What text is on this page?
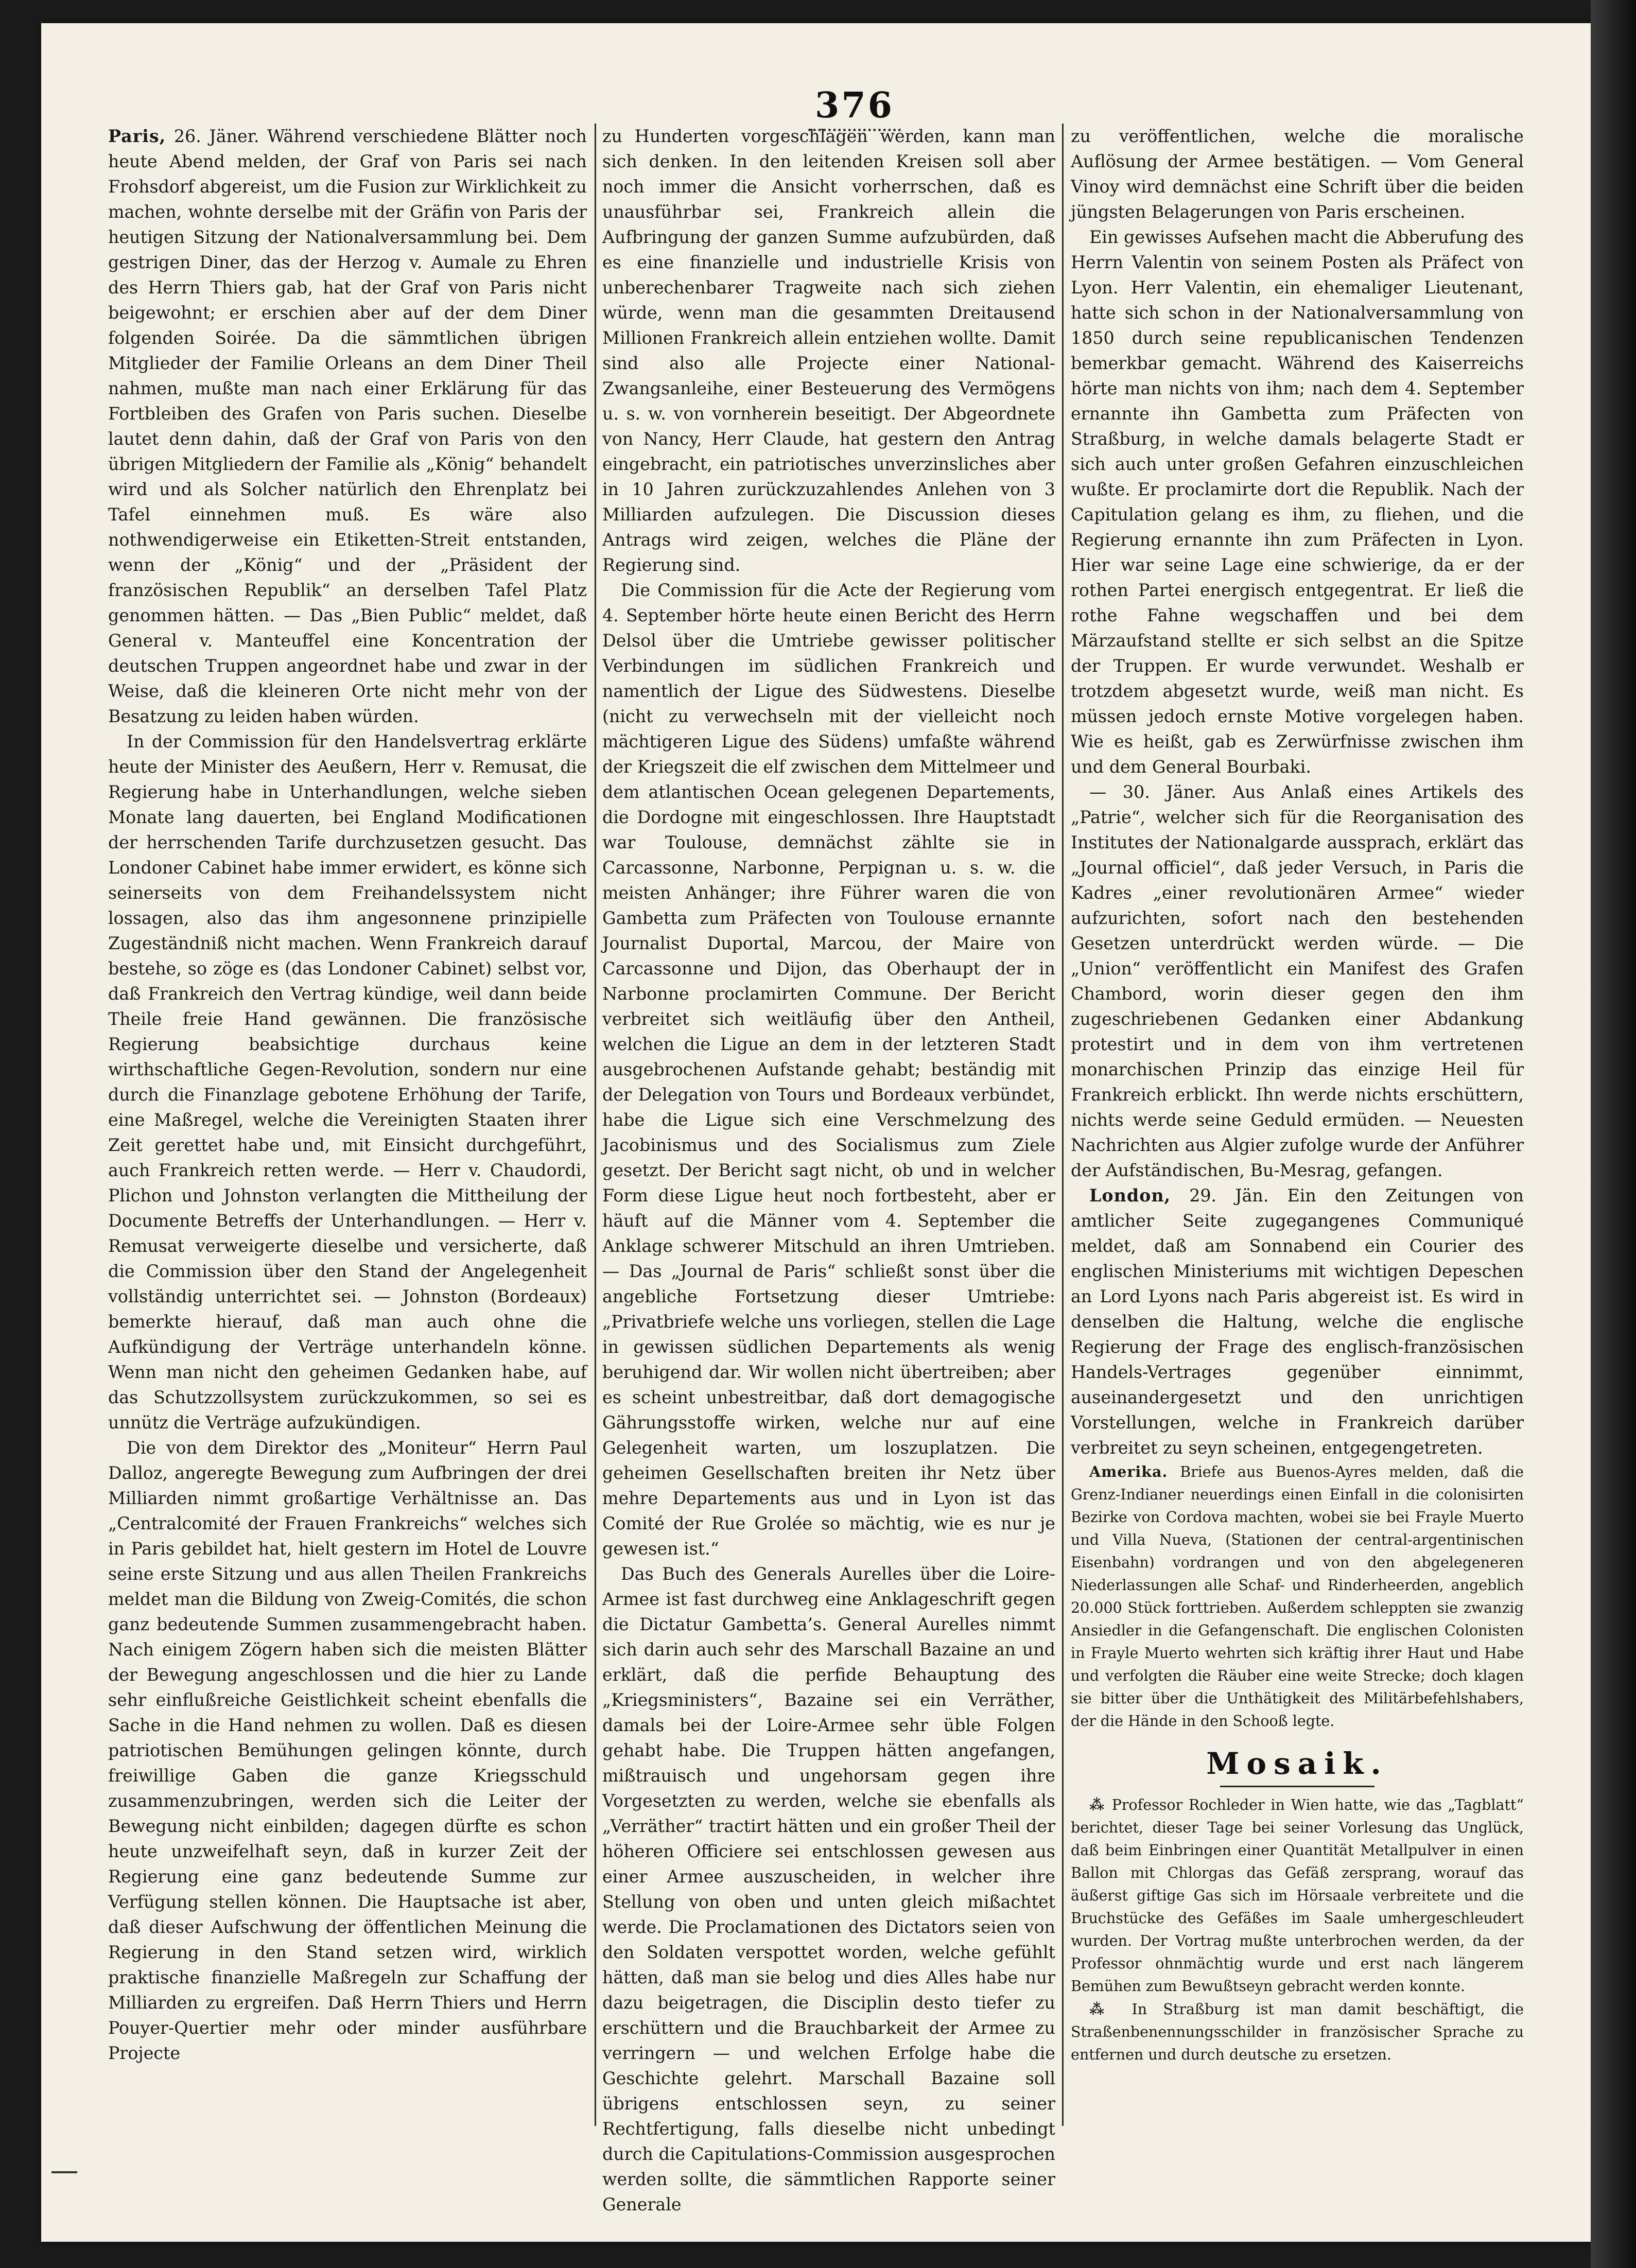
376

Paris, 26. Jäner. Während verschiedene Blätter noch heute Abend melden, der Graf von Paris sei nach Frohsdorf abgereist, um die Fusion zur Wirklichkeit zu machen, wohnte derselbe mit der Gräfin von Paris der heutigen Sitzung der Nationalversammlung bei. Dem gestrigen Diner, das der Herzog v. Aumale zu Ehren des Herrn Thiers gab, hat der Graf von Paris nicht beigewohnt; er erschien aber auf der dem Diner folgenden Soirée. Da die sämmtlichen übrigen Mitglieder der Familie Orleans an dem Diner Theil nahmen, mußte man nach einer Erklärung für das Fortbleiben des Grafen von Paris suchen. Dieselbe lautet denn dahin, daß der Graf von Paris von den übrigen Mitgliedern der Familie als „König“ behandelt wird und als Solcher natürlich den Ehrenplatz bei Tafel einnehmen muß. Es wäre also nothwendigerweise ein Etiketten-Streit entstanden, wenn der „König“ und der „Präsident der französischen Republik“ an derselben Tafel Platz genommen hätten. — Das „Bien Public“ meldet, daß General v. Manteuffel eine Koncentration der deutschen Truppen angeordnet habe und zwar in der Weise, daß die kleineren Orte nicht mehr von der Besatzung zu leiden haben würden.

In der Commission für den Handelsvertrag erklärte heute der Minister des Aeußern, Herr v. Remusat, die Regierung habe in Unterhandlungen, welche sieben Monate lang dauerten, bei England Modificationen der herrschenden Tarife durchzusetzen gesucht. Das Londoner Cabinet habe immer erwidert, es könne sich seinerseits von dem Freihandelssystem nicht lossagen, also das ihm angesonnene prinzipielle Zugeständniß nicht machen. Wenn Frankreich darauf bestehe, so zöge es (das Londoner Cabinet) selbst vor, daß Frankreich den Vertrag kündige, weil dann beide Theile freie Hand gewännen. Die französische Regierung beabsichtige durchaus keine wirthschaftliche Gegen-Revolution, sondern nur eine durch die Finanzlage gebotene Erhöhung der Tarife, eine Maßregel, welche die Vereinigten Staaten ihrer Zeit gerettet habe und, mit Einsicht durchgeführt, auch Frankreich retten werde. — Herr v. Chaudordi, Plichon und Johnston verlangten die Mittheilung der Documente Betreffs der Unterhandlungen. — Herr v. Remusat verweigerte dieselbe und versicherte, daß die Commission über den Stand der Angelegenheit vollständig unterrichtet sei. — Johnston (Bordeaux) bemerkte hierauf, daß man auch ohne die Aufkündigung der Verträge unterhandeln könne. Wenn man nicht den geheimen Gedanken habe, auf das Schutzzollsystem zurückzukommen, so sei es unnütz die Verträge aufzukündigen.

Die von dem Direktor des „Moniteur“ Herrn Paul Dalloz, angeregte Bewegung zum Aufbringen der drei Milliarden nimmt großartige Verhältnisse an. Das „Centralcomité der Frauen Frankreichs“ welches sich in Paris gebildet hat, hielt gestern im Hotel de Louvre seine erste Sitzung und aus allen Theilen Frankreichs meldet man die Bildung von Zweig-Comités, die schon ganz bedeutende Summen zusammengebracht haben. Nach einigem Zögern haben sich die meisten Blätter der Bewegung angeschlossen und die hier zu Lande sehr einflußreiche Geistlichkeit scheint ebenfalls die Sache in die Hand nehmen zu wollen. Daß es diesen patriotischen Bemühungen gelingen könnte, durch freiwillige Gaben die ganze Kriegsschuld zusammenzubringen, werden sich die Leiter der Bewegung nicht einbilden; dagegen dürfte es schon heute unzweifelhaft seyn, daß in kurzer Zeit der Regierung eine ganz bedeutende Summe zur Verfügung stellen können. Die Hauptsache ist aber, daß dieser Aufschwung der öffentlichen Meinung die Regierung in den Stand setzen wird, wirklich praktische finanzielle Maßregeln zur Schaffung der Milliarden zu ergreifen. Daß Herrn Thiers und Herrn Pouyer-Quertier mehr oder minder ausführbare Projecte

zu Hunderten vorgeschlagen werden, kann man sich denken. In den leitenden Kreisen soll aber noch immer die Ansicht vorherrschen, daß es unausführbar sei, Frankreich allein die Aufbringung der ganzen Summe aufzubürden, daß es eine finanzielle und industrielle Krisis von unberechenbarer Tragweite nach sich ziehen würde, wenn man die gesammten Dreitausend Millionen Frankreich allein entziehen wollte. Damit sind also alle Projecte einer National-Zwangsanleihe, einer Besteuerung des Vermögens u. s. w. von vornherein beseitigt. Der Abgeordnete von Nancy, Herr Claude, hat gestern den Antrag eingebracht, ein patriotisches unverzinsliches aber in 10 Jahren zurückzuzahlendes Anlehen von 3 Milliarden aufzulegen. Die Discussion dieses Antrags wird zeigen, welches die Pläne der Regierung sind.

Die Commission für die Acte der Regierung vom 4. September hörte heute einen Bericht des Herrn Delsol über die Umtriebe gewisser politischer Verbindungen im südlichen Frankreich und namentlich der Ligue des Südwestens. Dieselbe (nicht zu verwechseln mit der vielleicht noch mächtigeren Ligue des Südens) umfaßte während der Kriegszeit die elf zwischen dem Mittelmeer und dem atlantischen Ocean gelegenen Departements, die Dordogne mit eingeschlossen. Ihre Hauptstadt war Toulouse, demnächst zählte sie in Carcassonne, Narbonne, Perpignan u. s. w. die meisten Anhänger; ihre Führer waren die von Gambetta zum Präfecten von Toulouse ernannte Journalist Duportal, Marcou, der Maire von Carcassonne und Dijon, das Oberhaupt der in Narbonne proclamirten Commune. Der Bericht verbreitet sich weitläufig über den Antheil, welchen die Ligue an dem in der letzteren Stadt ausgebrochenen Aufstande gehabt; beständig mit der Delegation von Tours und Bordeaux verbündet, habe die Ligue sich eine Verschmelzung des Jacobinismus und des Socialismus zum Ziele gesetzt. Der Bericht sagt nicht, ob und in welcher Form diese Ligue heut noch fortbesteht, aber er häuft auf die Männer vom 4. September die Anklage schwerer Mitschuld an ihren Umtrieben. — Das „Journal de Paris“ schließt sonst über die angebliche Fortsetzung dieser Umtriebe: „Privatbriefe welche uns vorliegen, stellen die Lage in gewissen südlichen Departements als wenig beruhigend dar. Wir wollen nicht übertreiben; aber es scheint unbestreitbar, daß dort demagogische Gährungsstoffe wirken, welche nur auf eine Gelegenheit warten, um loszuplatzen. Die geheimen Gesellschaften breiten ihr Netz über mehre Departements aus und in Lyon ist das Comité der Rue Grolée so mächtig, wie es nur je gewesen ist.“

Das Buch des Generals Aurelles über die Loire-Armee ist fast durchweg eine Anklageschrift gegen die Dictatur Gambetta’s. General Aurelles nimmt sich darin auch sehr des Marschall Bazaine an und erklärt, daß die perfide Behauptung des „Kriegsministers“, Bazaine sei ein Verräther, damals bei der Loire-Armee sehr üble Folgen gehabt habe. Die Truppen hätten angefangen, mißtrauisch und ungehorsam gegen ihre Vorgesetzten zu werden, welche sie ebenfalls als „Verräther“ tractirt hätten und ein großer Theil der höheren Officiere sei entschlossen gewesen aus einer Armee auszuscheiden, in welcher ihre Stellung von oben und unten gleich mißachtet werde. Die Proclamationen des Dictators seien von den Soldaten verspottet worden, welche gefühlt hätten, daß man sie belog und dies Alles habe nur dazu beigetragen, die Disciplin desto tiefer zu erschüttern und die Brauchbarkeit der Armee zu verringern — und welchen Erfolge habe die Geschichte gelehrt. Marschall Bazaine soll übrigens entschlossen seyn, zu seiner Rechtfertigung, falls dieselbe nicht unbedingt durch die Capitulations-Commission ausgesprochen werden sollte, die sämmtlichen Rapporte seiner Generale

zu veröffentlichen, welche die moralische Auflösung der Armee bestätigen. — Vom General Vinoy wird demnächst eine Schrift über die beiden jüngsten Belagerungen von Paris erscheinen.

Ein gewisses Aufsehen macht die Abberufung des Herrn Valentin von seinem Posten als Präfect von Lyon. Herr Valentin, ein ehemaliger Lieutenant, hatte sich schon in der Nationalversammlung von 1850 durch seine republicanischen Tendenzen bemerkbar gemacht. Während des Kaiserreichs hörte man nichts von ihm; nach dem 4. September ernannte ihn Gambetta zum Präfecten von Straßburg, in welche damals belagerte Stadt er sich auch unter großen Gefahren einzuschleichen wußte. Er proclamirte dort die Republik. Nach der Capitulation gelang es ihm, zu fliehen, und die Regierung ernannte ihn zum Präfecten in Lyon. Hier war seine Lage eine schwierige, da er der rothen Partei energisch entgegentrat. Er ließ die rothe Fahne wegschaffen und bei dem Märzaufstand stellte er sich selbst an die Spitze der Truppen. Er wurde verwundet. Weshalb er trotzdem abgesetzt wurde, weiß man nicht. Es müssen jedoch ernste Motive vorgelegen haben. Wie es heißt, gab es Zerwürfnisse zwischen ihm und dem General Bourbaki.

— 30. Jäner. Aus Anlaß eines Artikels des „Patrie“, welcher sich für die Reorganisation des Institutes der Nationalgarde aussprach, erklärt das „Journal officiel“, daß jeder Versuch, in Paris die Kadres „einer revolutionären Armee“ wieder aufzurichten, sofort nach den bestehenden Gesetzen unterdrückt werden würde. — Die „Union“ veröffentlicht ein Manifest des Grafen Chambord, worin dieser gegen den ihm zugeschriebenen Gedanken einer Abdankung protestirt und in dem von ihm vertretenen monarchischen Prinzip das einzige Heil für Frankreich erblickt. Ihn werde nichts erschüttern, nichts werde seine Geduld ermüden. — Neuesten Nachrichten aus Algier zufolge wurde der Anführer der Aufständischen, Bu-Mesrag, gefangen.

London, 29. Jän. Ein den Zeitungen von amtlicher Seite zugegangenes Communiqué meldet, daß am Sonnabend ein Courier des englischen Ministeriums mit wichtigen Depeschen an Lord Lyons nach Paris abgereist ist. Es wird in denselben die Haltung, welche die englische Regierung der Frage des englisch-französischen Handels-Vertrages gegenüber einnimmt, auseinandergesetzt und den unrichtigen Vorstellungen, welche in Frankreich darüber verbreitet zu seyn scheinen, entgegengetreten.

Amerika. Briefe aus Buenos-Ayres melden, daß die Grenz-Indianer neuerdings einen Einfall in die colonisirten Bezirke von Cordova machten, wobei sie bei Frayle Muerto und Villa Nueva, (Stationen der central-argentinischen Eisenbahn) vordrangen und von den abgelegeneren Niederlassungen alle Schaf- und Rinderheerden, angeblich 20.000 Stück forttrieben. Außerdem schleppten sie zwanzig Ansiedler in die Gefangenschaft. Die englischen Colonisten in Frayle Muerto wehrten sich kräftig ihrer Haut und Habe und verfolgten die Räuber eine weite Strecke; doch klagen sie bitter über die Unthätigkeit des Militärbefehlshabers, der die Hände in den Schooß legte.

Mosaik.

⁂ Professor Rochleder in Wien hatte, wie das „Tagblatt“ berichtet, dieser Tage bei seiner Vorlesung das Unglück, daß beim Einbringen einer Quantität Metallpulver in einen Ballon mit Chlorgas das Gefäß zersprang, worauf das äußerst giftige Gas sich im Hörsaale verbreitete und die Bruchstücke des Gefäßes im Saale umhergeschleudert wurden. Der Vortrag mußte unterbrochen werden, da der Professor ohnmächtig wurde und erst nach längerem Bemühen zum Bewußtseyn gebracht werden konnte.

⁂ In Straßburg ist man damit beschäftigt, die Straßenbenennungsschilder in französischer Sprache zu entfernen und durch deutsche zu ersetzen.
